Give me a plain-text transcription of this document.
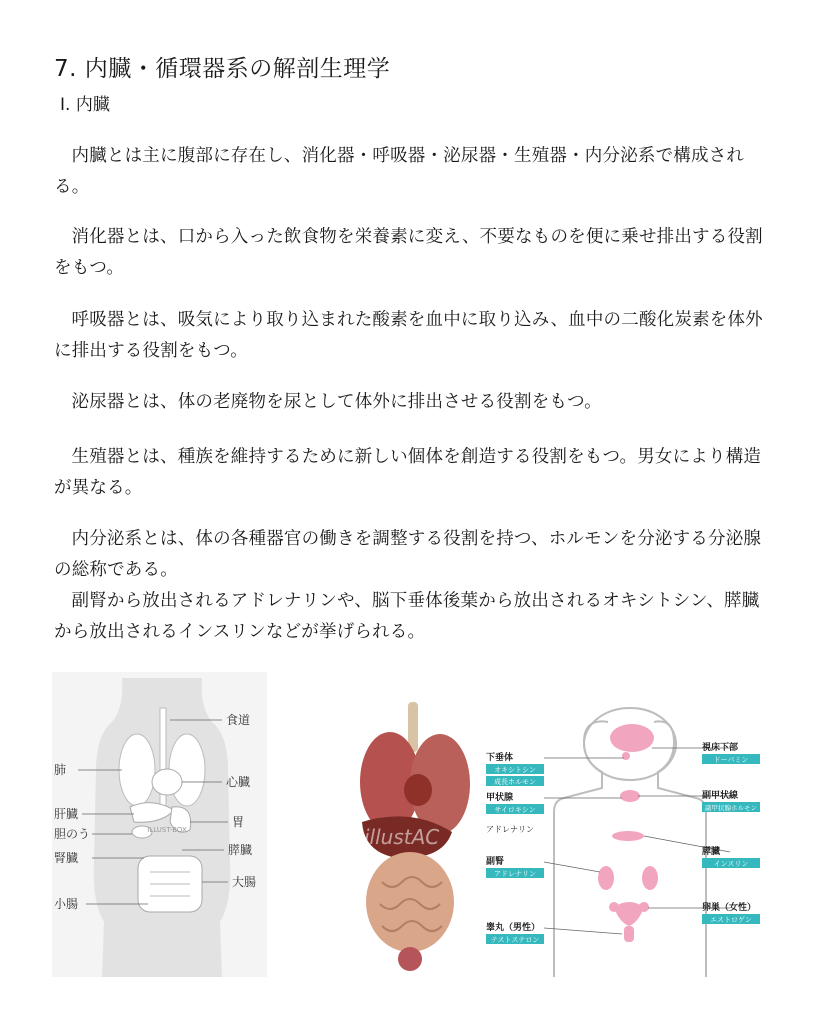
7. 内臓・循環器系の解剖生理学
Ⅰ. 内臓

内臓とは主に腹部に存在し、消化器・呼吸器・泌尿器・生殖器・内分泌系で構成される。

消化器とは、口から入った飲食物を栄養素に変え、不要なものを便に乗せ排出する役割をもつ。

呼吸器とは、吸気により取り込まれた酸素を血中に取り込み、血中の二酸化炭素を体外に排出する役割をもつ。

泌尿器とは、体の老廃物を尿として体外に排出させる役割をもつ。

生殖器とは、種族を維持するために新しい個体を創造する役割をもつ。男女により構造が異なる。

内分泌系とは、体の各種器官の働きを調整する役割を持つ、ホルモンを分泌する分泌腺の総称である。

副腎から放出されるアドレナリンや、脳下垂体後葉から放出されるオキシトシン、膵臓から放出されるインスリンなどが挙げられる。

ILLUST-BOX
食道
肺
心臓
肝臓
胃
胆のう
膵臓
腎臓
大腸
小腸
illustAC
下垂体
オキシトシン
成長ホルモン
甲状腺
サイロキシン
アドレナリン
副腎
アドレナリン
睾丸（男性）
テストステロン
視床下部
ドーパミン
副甲状線
副甲状腺ホルモン
膵臓
インスリン
卵巣（女性）
エストロゲン
